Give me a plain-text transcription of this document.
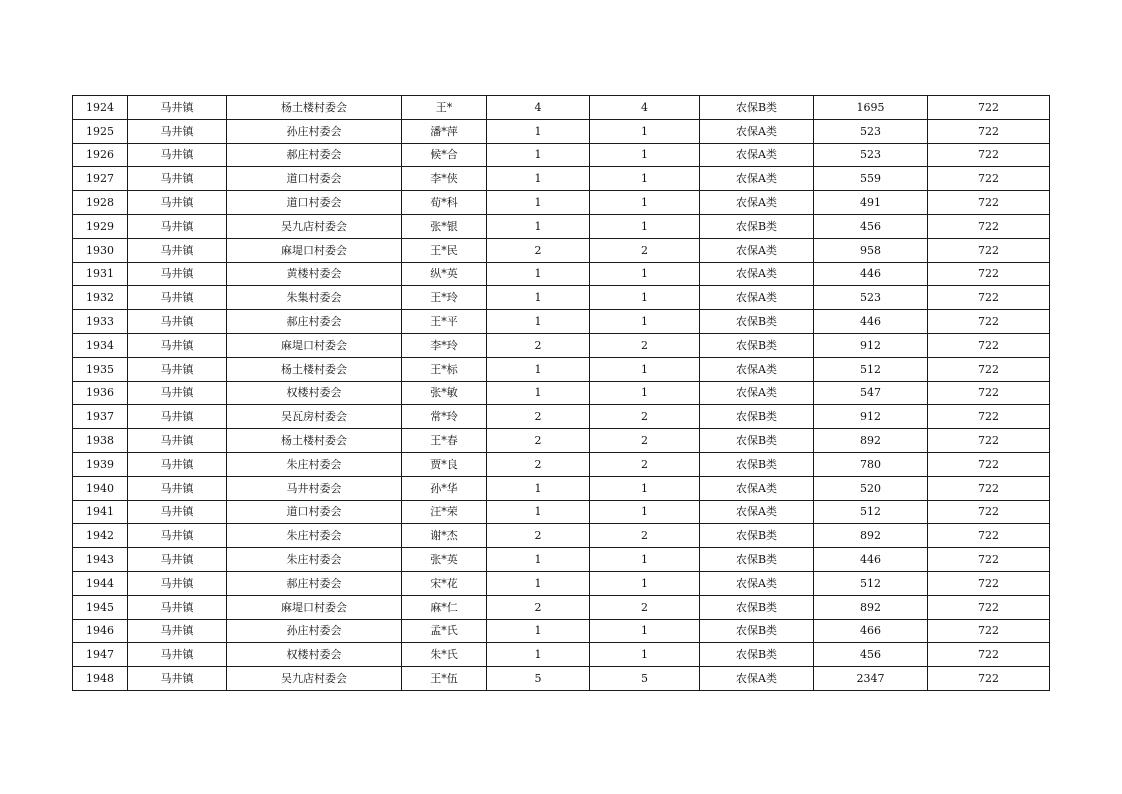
1924	马井镇	杨土楼村委会	王*	4	4	农保B类	1695	722
1925	马井镇	孙庄村委会	潘*萍	1	1	农保A类	523	722
1926	马井镇	郝庄村委会	候*合	1	1	农保A类	523	722
1927	马井镇	道口村委会	李*侠	1	1	农保A类	559	722
1928	马井镇	道口村委会	荀*科	1	1	农保A类	491	722
1929	马井镇	吴九店村委会	张*银	1	1	农保B类	456	722
1930	马井镇	麻堤口村委会	王*民	2	2	农保A类	958	722
1931	马井镇	黄楼村委会	纵*英	1	1	农保A类	446	722
1932	马井镇	朱集村委会	王*玲	1	1	农保A类	523	722
1933	马井镇	郝庄村委会	王*平	1	1	农保B类	446	722
1934	马井镇	麻堤口村委会	李*玲	2	2	农保B类	912	722
1935	马井镇	杨土楼村委会	王*标	1	1	农保A类	512	722
1936	马井镇	权楼村委会	张*敏	1	1	农保A类	547	722
1937	马井镇	吴瓦房村委会	常*玲	2	2	农保B类	912	722
1938	马井镇	杨土楼村委会	王*春	2	2	农保B类	892	722
1939	马井镇	朱庄村委会	贾*良	2	2	农保B类	780	722
1940	马井镇	马井村委会	孙*华	1	1	农保A类	520	722
1941	马井镇	道口村委会	汪*荣	1	1	农保A类	512	722
1942	马井镇	朱庄村委会	谢*杰	2	2	农保B类	892	722
1943	马井镇	朱庄村委会	张*英	1	1	农保B类	446	722
1944	马井镇	郝庄村委会	宋*花	1	1	农保A类	512	722
1945	马井镇	麻堤口村委会	麻*仁	2	2	农保B类	892	722
1946	马井镇	孙庄村委会	孟*氏	1	1	农保B类	466	722
1947	马井镇	权楼村委会	朱*氏	1	1	农保B类	456	722
1948	马井镇	吴九店村委会	王*伍	5	5	农保A类	2347	722
